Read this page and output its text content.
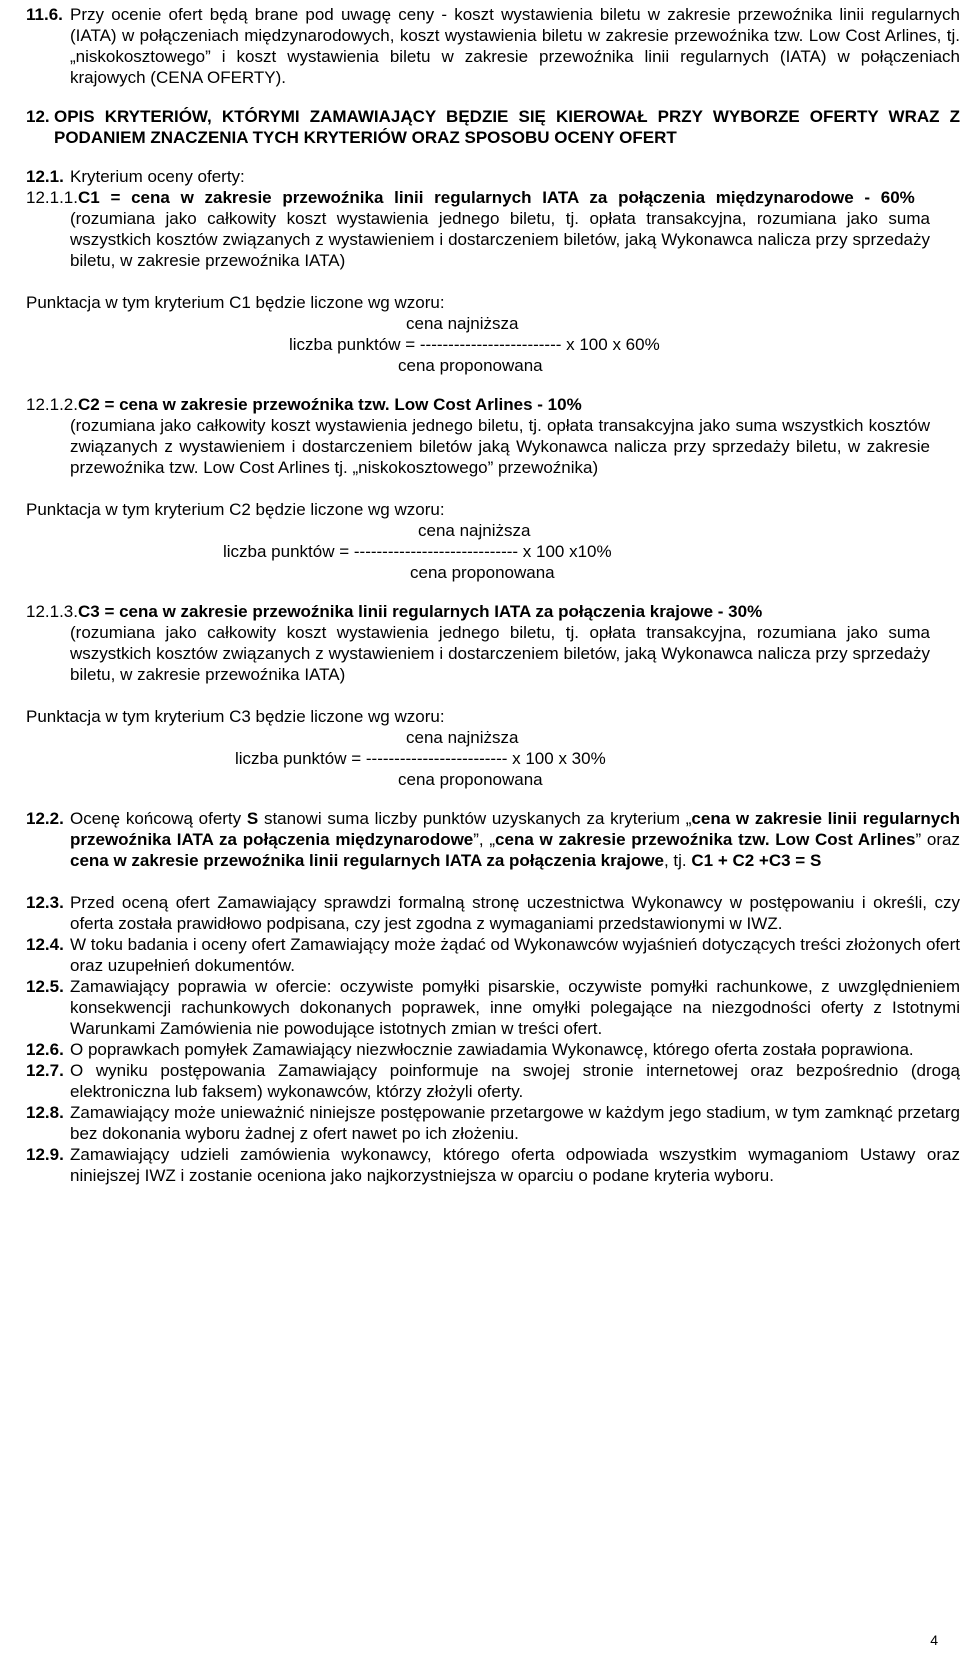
11.6. Przy ocenie ofert będą brane pod uwagę ceny - koszt wystawienia biletu w zakresie przewoźnika linii regularnych (IATA) w połączeniach międzynarodowych, koszt wystawienia biletu w zakresie przewoźnika tzw. Low Cost Arlines, tj. „niskokosztowego” i koszt wystawienia biletu w zakresie przewoźnika linii regularnych (IATA) w połączeniach krajowych (CENA OFERTY).
12. OPIS KRYTERIÓW, KTÓRYMI ZAMAWIAJĄCY BĘDZIE SIĘ KIEROWAŁ PRZY WYBORZE OFERTY WRAZ Z PODANIEM ZNACZENIA TYCH KRYTERIÓW ORAZ SPOSOBU OCENY OFERT
12.1. Kryterium oceny oferty:
12.1.1. C1 = cena w zakresie przewoźnika linii regularnych IATA za połączenia międzynarodowe - 60%
(rozumiana jako całkowity koszt wystawienia jednego biletu, tj. opłata transakcyjna, rozumiana jako suma wszystkich kosztów związanych z wystawieniem i dostarczeniem biletów, jaką Wykonawca nalicza przy sprzedaży biletu, w zakresie przewoźnika IATA)
Punktacja w tym kryterium C1 będzie liczone wg wzoru:
cena najniższa
liczba punktów = ------------------------- x 100 x 60%
cena proponowana
12.1.2. C2 = cena w zakresie przewoźnika tzw. Low Cost Arlines - 10%
(rozumiana jako całkowity koszt wystawienia jednego biletu, tj. opłata transakcyjna jako suma wszystkich kosztów związanych z wystawieniem i dostarczeniem biletów jaką Wykonawca nalicza przy sprzedaży biletu, w zakresie przewoźnika tzw. Low Cost Arlines tj. „niskokosztowego” przewoźnika)
Punktacja w tym kryterium C2 będzie liczone wg wzoru:
cena najniższa
liczba punktów = ----------------------------- x 100 x10%
cena proponowana
12.1.3. C3 = cena w zakresie przewoźnika linii regularnych IATA za połączenia krajowe - 30%
(rozumiana jako całkowity koszt wystawienia jednego biletu, tj. opłata transakcyjna, rozumiana jako suma wszystkich kosztów związanych z wystawieniem i dostarczeniem biletów, jaką Wykonawca nalicza przy sprzedaży biletu, w zakresie przewoźnika IATA)
Punktacja w tym kryterium C3 będzie liczone wg wzoru:
cena najniższa
liczba punktów = ------------------------- x 100 x 30%
cena proponowana
12.2. Ocenę końcową oferty S stanowi suma liczby punktów uzyskanych za kryterium „cena w zakresie linii regularnych przewoźnika IATA za połączenia międzynarodowe”, „cena w zakresie przewoźnika tzw. Low Cost Arlines” oraz cena w zakresie przewoźnika linii regularnych IATA za połączenia krajowe, tj. C1 + C2 +C3 = S
12.3. Przed oceną ofert Zamawiający sprawdzi formalną stronę uczestnictwa Wykonawcy w postępowaniu i określi, czy oferta została prawidłowo podpisana, czy jest zgodna z wymaganiami przedstawionymi w IWZ.
12.4. W toku badania i oceny ofert Zamawiający może żądać od Wykonawców wyjaśnień dotyczących treści złożonych ofert oraz uzupełnień dokumentów.
12.5. Zamawiający poprawia w ofercie: oczywiste pomyłki pisarskie, oczywiste pomyłki rachunkowe, z uwzględnieniem konsekwencji rachunkowych dokonanych poprawek, inne omyłki polegające na niezgodności oferty z Istotnymi Warunkami Zamówienia nie powodujące istotnych zmian w treści ofert.
12.6. O poprawkach pomyłek Zamawiający niezwłocznie zawiadamia Wykonawcę, którego oferta została poprawiona.
12.7. O wyniku postępowania Zamawiający poinformuje na swojej stronie internetowej oraz bezpośrednio (drogą elektroniczna lub faksem) wykonawców, którzy złożyli oferty.
12.8. Zamawiający może unieważnić niniejsze postępowanie przetargowe w każdym jego stadium, w tym zamknąć przetarg bez dokonania wyboru żadnej z ofert nawet po ich złożeniu.
12.9. Zamawiający udzieli zamówienia wykonawcy, którego oferta odpowiada wszystkim wymaganiom Ustawy oraz niniejszej IWZ i zostanie oceniona jako najkorzystniejsza w oparciu o podane kryteria wyboru.
4
